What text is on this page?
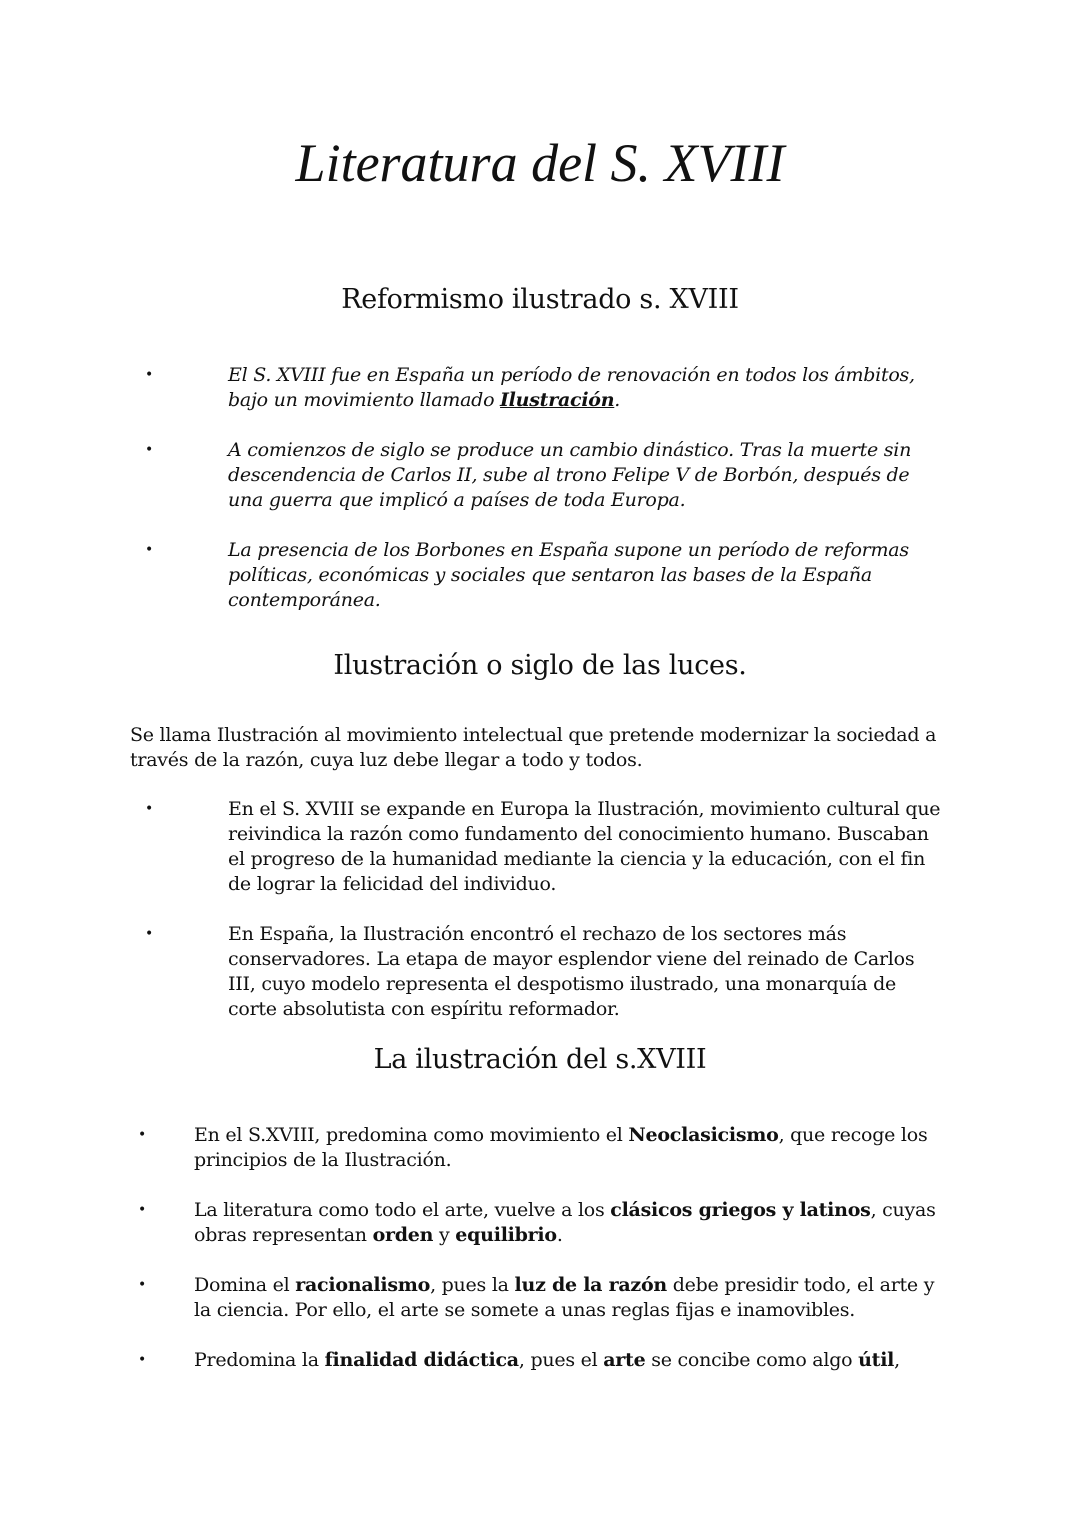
Literatura del S. XVIII
Reformismo ilustrado s. XVIII
•	El S. XVIII fue en España un período de renovación en todos los ámbitos, bajo un movimiento llamado Ilustración.
•	A comienzos de siglo se produce un cambio dinástico. Tras la muerte sin descendencia de Carlos II, sube al trono Felipe V de Borbón, después de una guerra que implicó a países de toda Europa.
•	La presencia de los Borbones en España supone un período de reformas políticas, económicas y sociales que sentaron las bases de la España contemporánea.
Ilustración o siglo de las luces.

Se llama Ilustración al movimiento intelectual que pretende modernizar la sociedad a través de la razón, cuya luz debe llegar a todo y todos.

•	En el S. XVIII se expande en Europa la Ilustración, movimiento cultural que reivindica la razón como fundamento del conocimiento humano. Buscaban el progreso de la humanidad mediante la ciencia y la educación, con el fin de lograr la felicidad del individuo.
•	En España, la Ilustración encontró el rechazo de los sectores más conservadores. La etapa de mayor esplendor viene del reinado de Carlos III, cuyo modelo representa el despotismo ilustrado, una monarquía de corte absolutista con espíritu reformador.
La ilustración del s.XVIII
•	En el S.XVIII, predomina como movimiento el Neoclasicismo, que recoge los principios de la Ilustración.
•	La literatura como todo el arte, vuelve a los clásicos griegos y latinos, cuyas obras representan orden y equilibrio.
•	Domina el racionalismo, pues la luz de la razón debe presidir todo, el arte y la ciencia. Por ello, el arte se somete a unas reglas fijas e inamovibles.
•	Predomina la finalidad didáctica, pues el arte se concibe como algo útil,
